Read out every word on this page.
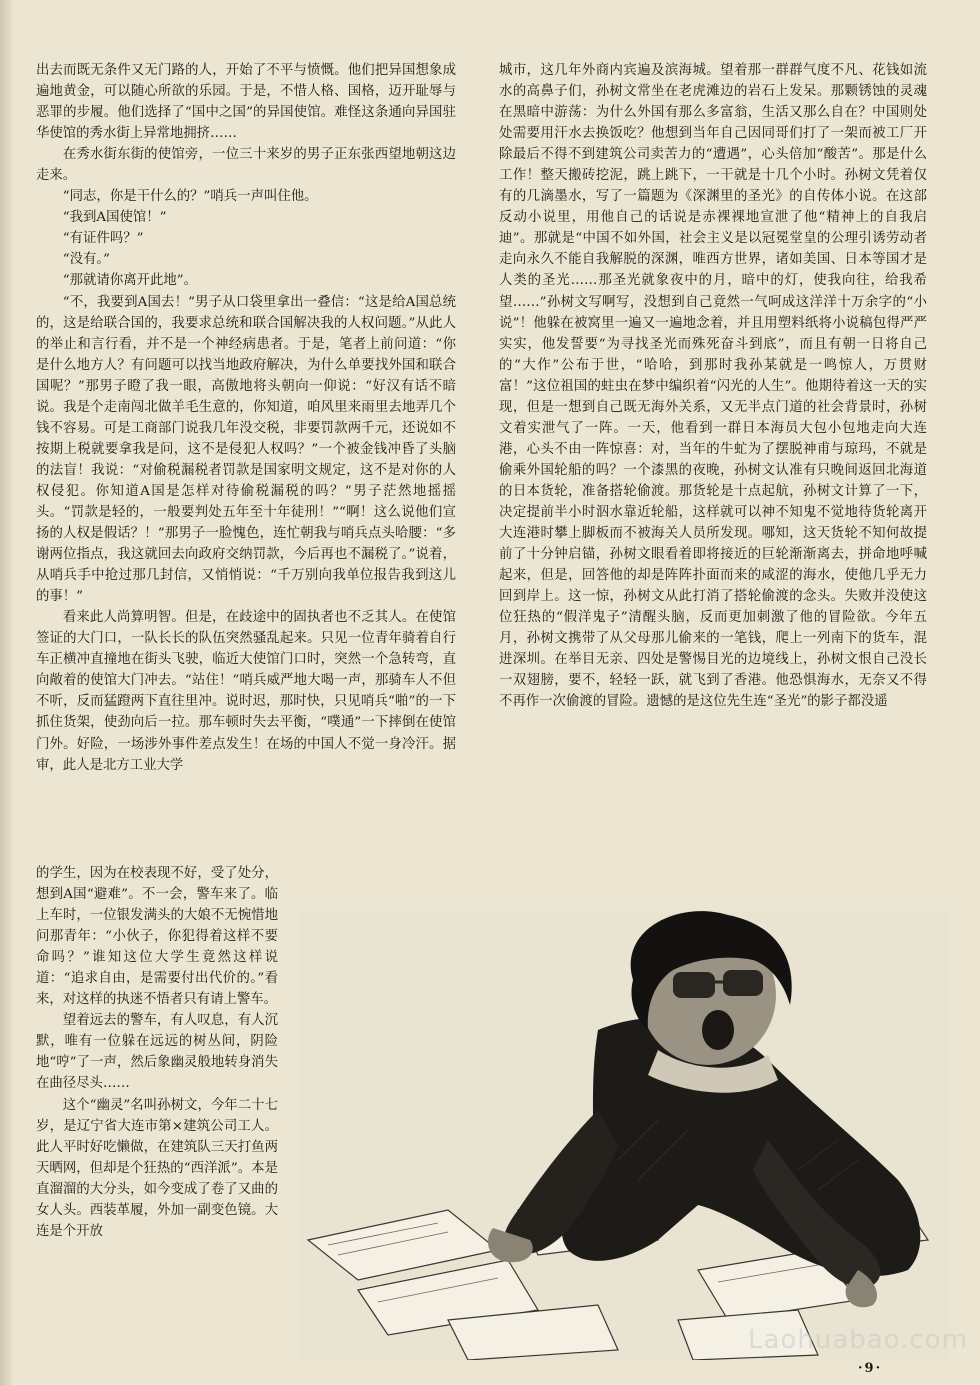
出去而既无条件又无门路的人，开始了不平与愤慨。他们把异国想象成遍地黄金，可以随心所欲的乐园。于是，不惜人格、国格，迈开耻辱与恶罪的步履。他们选择了“国中之国”的异国使馆。难怪这条通向异国驻华使馆的秀水街上异常地拥挤……

在秀水街东街的使馆旁，一位三十来岁的男子正东张西望地朝这边走来。

“同志，你是干什么的？”哨兵一声叫住他。

“我到A国使馆！”

“有证件吗？”

“没有。”

“那就请你离开此地”。

“不，我要到A国去！”男子从口袋里拿出一叠信：“这是给A国总统的，这是给联合国的，我要求总统和联合国解决我的人权问题。”从此人的举止和言行看，并不是一个神经病患者。于是，笔者上前问道：“你是什么地方人？有问题可以找当地政府解决，为什么单要找外国和联合国呢？”那男子瞪了我一眼，高傲地将头朝向一仰说：“好汉有话不暗说。我是个走南闯北做羊毛生意的，你知道，咱风里来雨里去地弄几个钱不容易。可是工商部门说我几年没交税，非要罚款两千元，还说如不按期上税就要拿我是问，这不是侵犯人权吗？”一个被金钱冲昏了头脑的法盲！我说：“对偷税漏税者罚款是国家明文规定，这不是对你的人权侵犯。你知道A国是怎样对待偷税漏税的吗？”男子茫然地摇摇头。“罚款是轻的，一般要判处五年至十年徒刑！”“啊！这么说他们宣扬的人权是假话？！”那男子一脸愧色，连忙朝我与哨兵点头哈腰：“多谢两位指点，我这就回去向政府交纳罚款，今后再也不漏税了。”说着，从哨兵手中抢过那几封信，又悄悄说：“千万别向我单位报告我到这儿的事！”

看来此人尚算明智。但是，在歧途中的固执者也不乏其人。在使馆签证的大门口，一队长长的队伍突然骚乱起来。只见一位青年骑着自行车正横冲直撞地在街头飞驶，临近大使馆门口时，突然一个急转弯，直向敞着的使馆大门冲去。“站住！”哨兵威严地大喝一声，那骑车人不但不听，反而猛蹬两下直往里冲。说时迟，那时快，只见哨兵“啪”的一下抓住货架，使劲向后一拉。那车顿时失去平衡，“噗通”一下摔倒在使馆门外。好险，一场涉外事件差点发生！在场的中国人不觉一身冷汗。据审，此人是北方工业大学

的学生，因为在校表现不好，受了处分，想到A国“避难”。不一会，警车来了。临上车时，一位银发满头的大娘不无惋惜地问那青年：“小伙子，你犯得着这样不要命吗？”谁知这位大学生竟然这样说道：“追求自由，是需要付出代价的。”看来，对这样的执迷不悟者只有请上警车。

望着远去的警车，有人叹息，有人沉默，唯有一位躲在远远的树丛间，阴险地“哼”了一声，然后象幽灵般地转身消失在曲径尽头……

这个“幽灵”名叫孙树文，今年二十七岁，是辽宁省大连市第×建筑公司工人。此人平时好吃懒做，在建筑队三天打鱼两天晒网，但却是个狂热的“西洋派”。本是直溜溜的大分头，如今变成了卷了又曲的女人头。西装革履，外加一副变色镜。大连是个开放

城市，这几年外商内宾遍及滨海城。望着那一群群气度不凡、花钱如流水的高鼻子们，孙树文常坐在老虎滩边的岩石上发呆。那颗锈蚀的灵魂在黑暗中游荡：为什么外国有那么多富翁，生活又那么自在？中国则处处需要用汗水去换饭吃？他想到当年自己因同哥们打了一架而被工厂开除最后不得不到建筑公司卖苦力的“遭遇”，心头倍加“酸苦”。那是什么工作！整天搬砖挖泥，跳上跳下，一干就是十几个小时。孙树文凭着仅有的几滴墨水，写了一篇题为《深渊里的圣光》的自传体小说。在这部反动小说里，用他自己的话说是赤裸裸地宣泄了他“精神上的自我启迪”。那就是“中国不如外国，社会主义是以冠冕堂皇的公理引诱劳动者走向永久不能自我解脱的深渊，唯西方世界，诸如美国、日本等国才是人类的圣光……那圣光就象夜中的月，暗中的灯，使我向往，给我希望……”孙树文写啊写，没想到自己竟然一气呵成这洋洋十万余字的“小说”！他躲在被窝里一遍又一遍地念着，并且用塑料纸将小说稿包得严严实实，他发誓要“为寻找圣光而殊死奋斗到底”，而且有朝一日将自己的“大作”公布于世，“哈哈，到那时我孙某就是一鸣惊人，万贯财富！”这位祖国的蛀虫在梦中编织着“闪光的人生”。他期待着这一天的实现，但是一想到自己既无海外关系，又无半点门道的社会背景时，孙树文着实泄气了一阵。一天，他看到一群日本海员大包小包地走向大连港，心头不由一阵惊喜：对，当年的牛虻为了摆脱神甫与琼玛，不就是偷乘外国轮船的吗？一个漆黑的夜晚，孙树文认准有只晚间返回北海道的日本货轮，准备搭轮偷渡。那货轮是十点起航，孙树文计算了一下，决定提前半小时泅水靠近轮船，这样就可以神不知鬼不觉地待货轮离开大连港时攀上脚板而不被海关人员所发现。哪知，这天货轮不知何故提前了十分钟启锚，孙树文眼看着即将接近的巨轮渐渐离去，拼命地呼喊起来，但是，回答他的却是阵阵扑面而来的咸涩的海水，使他几乎无力回到岸上。这一惊，孙树文从此打消了搭轮偷渡的念头。失败并没使这位狂热的“假洋鬼子”清醒头脑，反而更加刺激了他的冒险欲。今年五月，孙树文携带了从父母那儿偷来的一笔钱，爬上一列南下的货车，混进深圳。在举目无亲、四处是警惕目光的边境线上，孙树文恨自己没长一双翅膀，要不，轻轻一跃，就飞到了香港。他恐惧海水，无奈又不得不再作一次偷渡的冒险。遗憾的是这位先生连“圣光”的影子都没遥

·9·
Laohuabao.com
